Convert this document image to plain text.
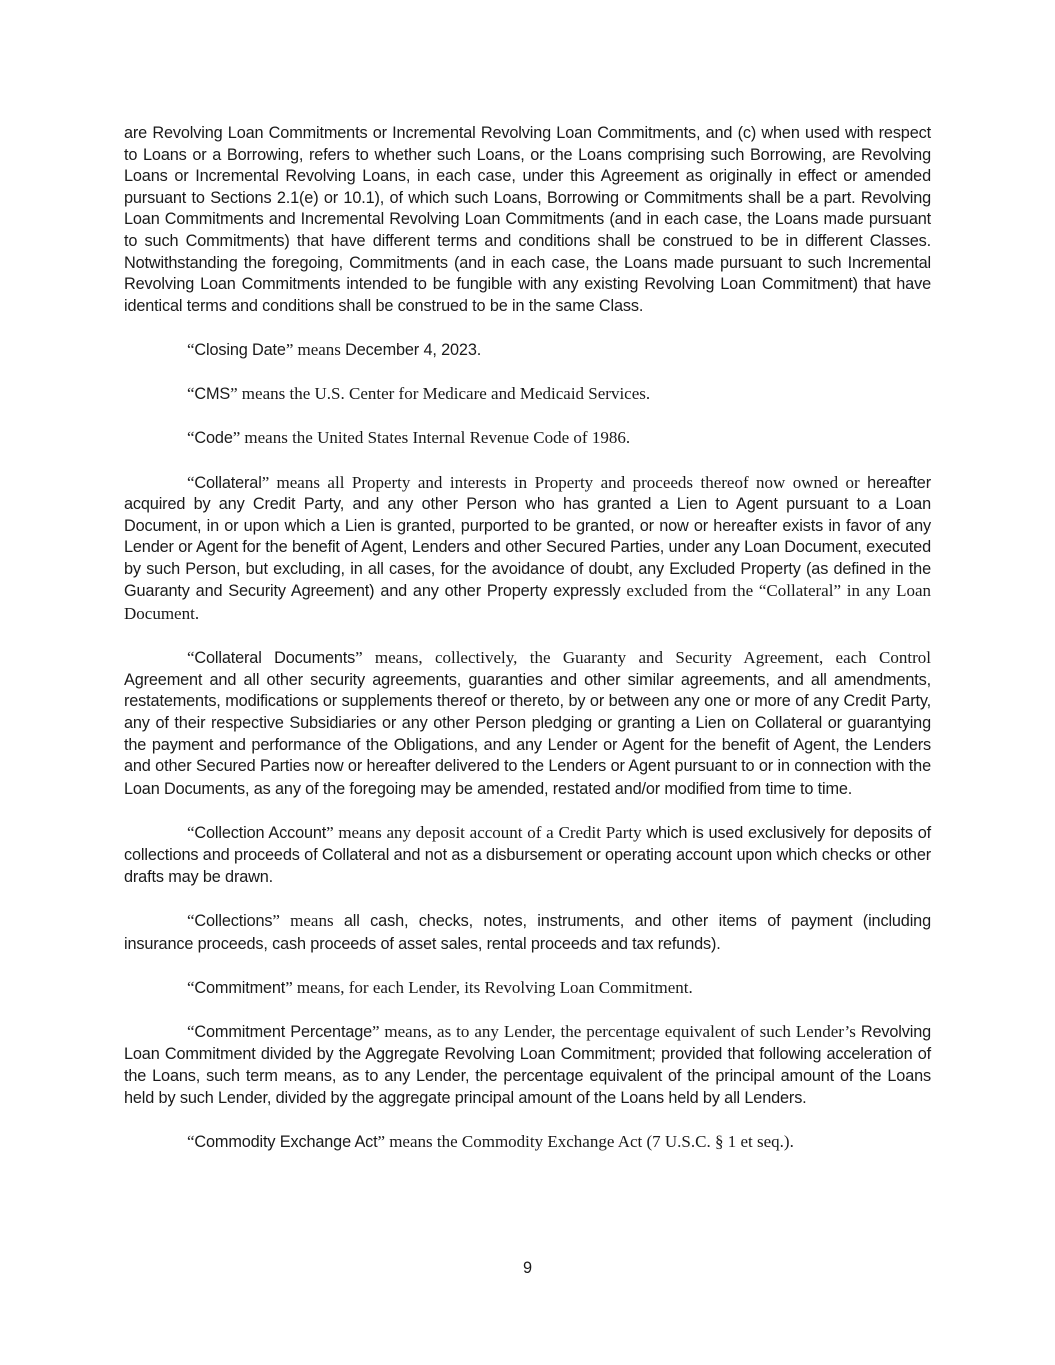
are Revolving Loan Commitments or Incremental Revolving Loan Commitments, and (c) when used with respect to Loans or a Borrowing, refers to whether such Loans, or the Loans comprising such Borrowing, are Revolving Loans or Incremental Revolving Loans, in each case, under this Agreement as originally in effect or amended pursuant to Sections 2.1(e) or 10.1), of which such Loans, Borrowing or Commitments shall be a part. Revolving Loan Commitments and Incremental Revolving Loan Commitments (and in each case, the Loans made pursuant to such Commitments) that have different terms and conditions shall be construed to be in different Classes. Notwithstanding the foregoing, Commitments (and in each case, the Loans made pursuant to such Incremental Revolving Loan Commitments intended to be fungible with any existing Revolving Loan Commitment) that have identical terms and conditions shall be construed to be in the same Class.

“Closing Date” means December 4, 2023.

“CMS” means the U.S. Center for Medicare and Medicaid Services.

“Code” means the United States Internal Revenue Code of 1986.

“Collateral” means all Property and interests in Property and proceeds thereof now owned or hereafter acquired by any Credit Party, and any other Person who has granted a Lien to Agent pursuant to a Loan Document, in or upon which a Lien is granted, purported to be granted, or now or hereafter exists in favor of any Lender or Agent for the benefit of Agent, Lenders and other Secured Parties, under any Loan Document, executed by such Person, but excluding, in all cases, for the avoidance of doubt, any Excluded Property (as defined in the Guaranty and Security Agreement) and any other Property expressly excluded from the “Collateral” in any Loan Document.

“Collateral Documents” means, collectively, the Guaranty and Security Agreement, each Control Agreement and all other security agreements, guaranties and other similar agreements, and all amendments, restatements, modifications or supplements thereof or thereto, by or between any one or more of any Credit Party, any of their respective Subsidiaries or any other Person pledging or granting a Lien on Collateral or guarantying the payment and performance of the Obligations, and any Lender or Agent for the benefit of Agent, the Lenders and other Secured Parties now or hereafter delivered to the Lenders or Agent pursuant to or in connection with the Loan Documents, as any of the foregoing may be amended, restated and/or modified from time to time.

“Collection Account” means any deposit account of a Credit Party which is used exclusively for deposits of collections and proceeds of Collateral and not as a disbursement or operating account upon which checks or other drafts may be drawn.

“Collections” means all cash, checks, notes, instruments, and other items of payment (including insurance proceeds, cash proceeds of asset sales, rental proceeds and tax refunds).

“Commitment” means, for each Lender, its Revolving Loan Commitment.

“Commitment Percentage” means, as to any Lender, the percentage equivalent of such Lender’s Revolving Loan Commitment divided by the Aggregate Revolving Loan Commitment; provided that following acceleration of the Loans, such term means, as to any Lender, the percentage equivalent of the principal amount of the Loans held by such Lender, divided by the aggregate principal amount of the Loans held by all Lenders.

“Commodity Exchange Act” means the Commodity Exchange Act (7 U.S.C. § 1 et seq.).

9
